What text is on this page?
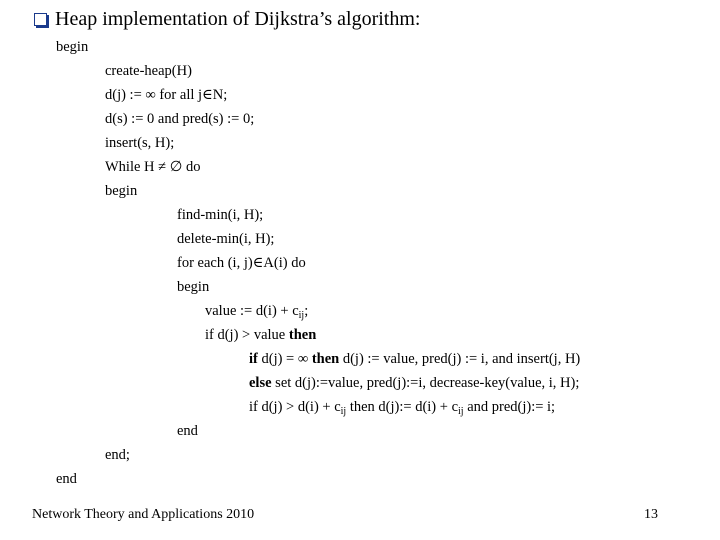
Heap implementation of Dijkstra’s algorithm:
begin
create-heap(H)
d(j) := ∞ for all j∈N;
d(s) := 0 and pred(s) := 0;
insert(s, H);
While H ≠ ∅ do
begin
find-min(i, H);
delete-min(i, H);
for each (i, j)∈A(i) do
begin
value := $d(i) + c_{ij}$;
if d(j) > value then
if d(j) = ∞ then d(j) := value, pred(j) := i, and insert(j, H)
else set d(j):=value, pred(j):=i, decrease-key(value, i, H);
if $d(j) > d(i) + c_{ij}$ then d(j):= $d(i) + c_{ij}$ and pred(j):= i;
end
end;
end
Network Theory and Applications 2010	13
